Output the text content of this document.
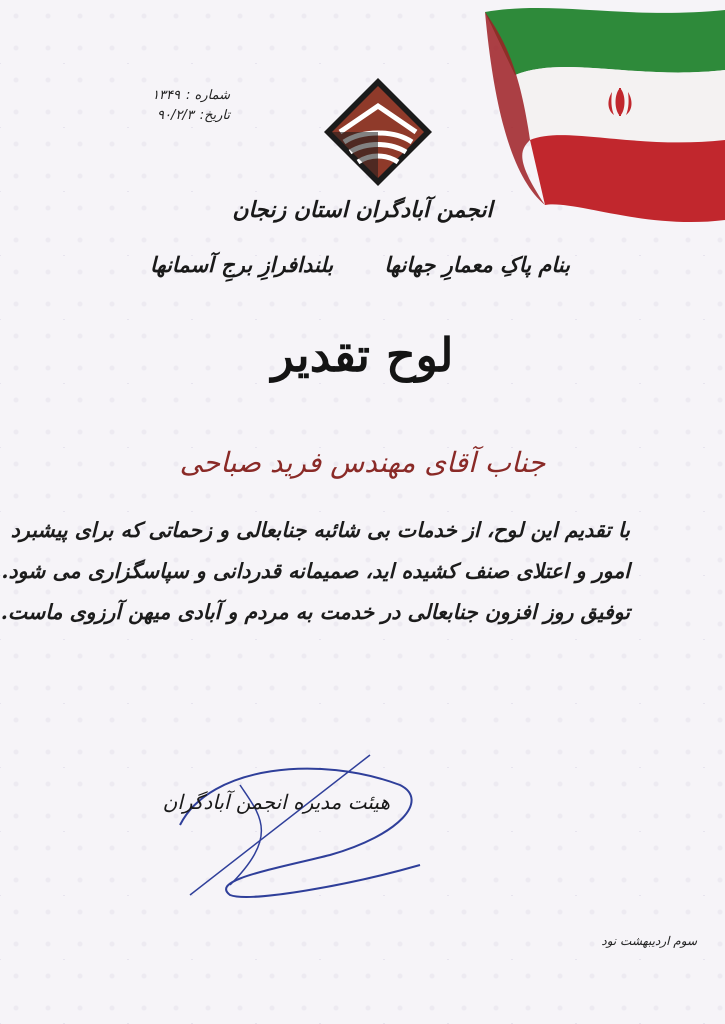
شماره :
۱۳۴۹
تاریخ:
۹۰/۲/۳
انجمن آبادگران استان زنجان
بنام پاکِ معمارِ جهانها
بلندافرازِ برجِ آسمانها
لوح تقدیر
جناب آقای مهندس فرید صباحی
با تقدیم این لوح، از خدمات بی شائبه جنابعالی و زحماتی که برای پیشبرد
امور و اعتلای صنف کشیده اید، صمیمانه قدردانی و سپاسگزاری می شود.
توفیق روز افزون جنابعالی در خدمت به مردم و آبادی میهن آرزوی ماست.
هیئت مدیره انجمن آبادگران
سوم اردیبهشت نود
